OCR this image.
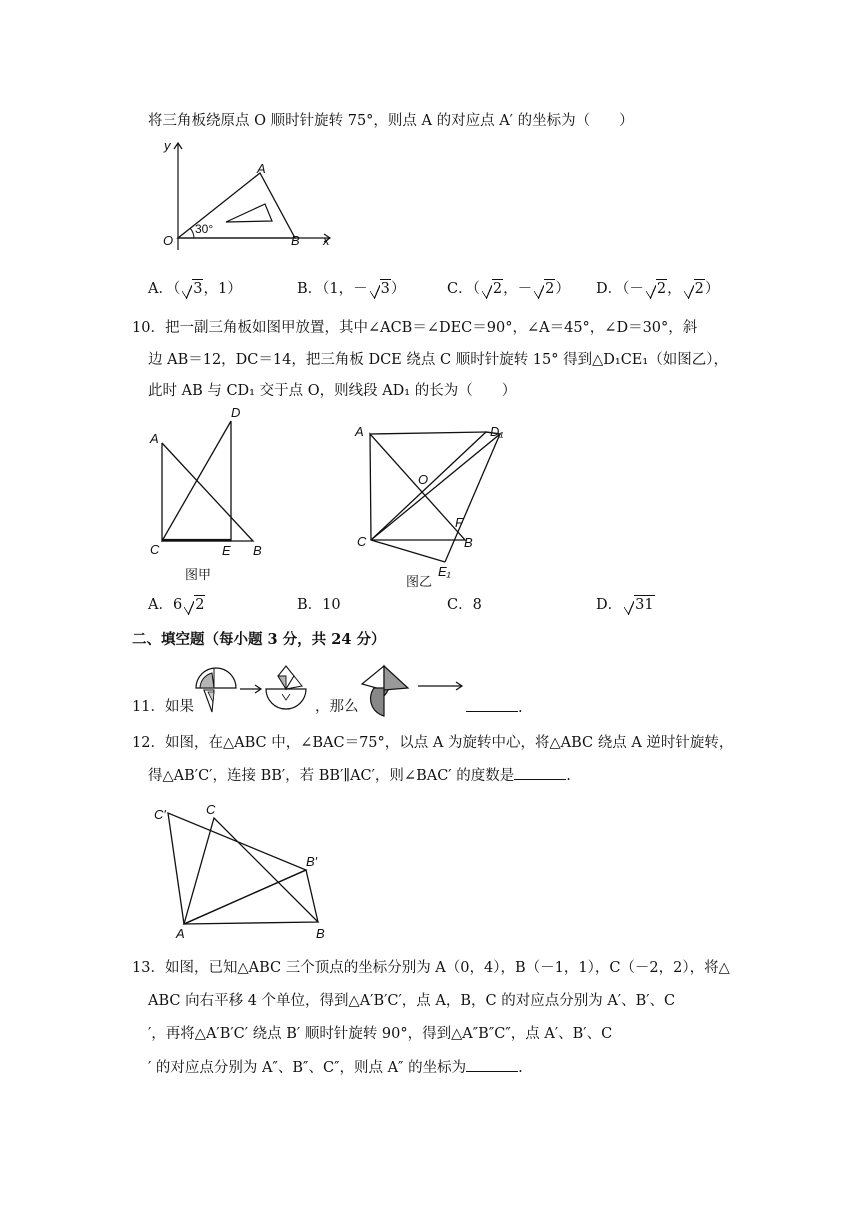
将三角板绕原点 O 顺时针旋转 75°，则点 A 的对应点 A′ 的坐标为（　　）
y
x
A
O	B
30°
A．（ 3，1）	B．（1，－ 3）	C．（ 2，－ 2） D．（－ 2， 2）
10．把一副三角板如图甲放置，其中∠ACB＝∠DEC＝90°，∠A＝45°，∠D＝30°，斜
边 AB＝12，DC＝14，把三角板 DCE 绕点 C 顺时针旋转 15° 得到△D₁CE₁（如图乙），
此时 AB 与 CD₁ 交于点 O，则线段 AD₁ 的长为（　　）
A
D
C	E B
图甲
A	D₁
O
F
C	B
E₁
图乙
A．6 2	B．10	C．8	D． 31
二、填空题（每小题 3 分，共 24 分）
11．如果	，那么	.
12．如图，在△ABC 中，∠BAC＝75°，以点 A 为旋转中心，将△ABC 绕点 A 逆时针旋转，
得△AB′C′，连接 BB′，若 BB′∥AC′，则∠BAC′ 的度数是	.
C′	C
B′
A	B
13．如图，已知△ABC 三个顶点的坐标分别为 A（0，4），B（－1，1），C（－2，2），将△
ABC 向右平移 4 个单位，得到△A′B′C′，点 A，B，C 的对应点分别为 A′、B′、C
′，再将△A′B′C′ 绕点 B′ 顺时针旋转 90°，得到△A″B″C″，点 A′、B′、C
′ 的对应点分别为 A″、B″、C″，则点 A″ 的坐标为	.
